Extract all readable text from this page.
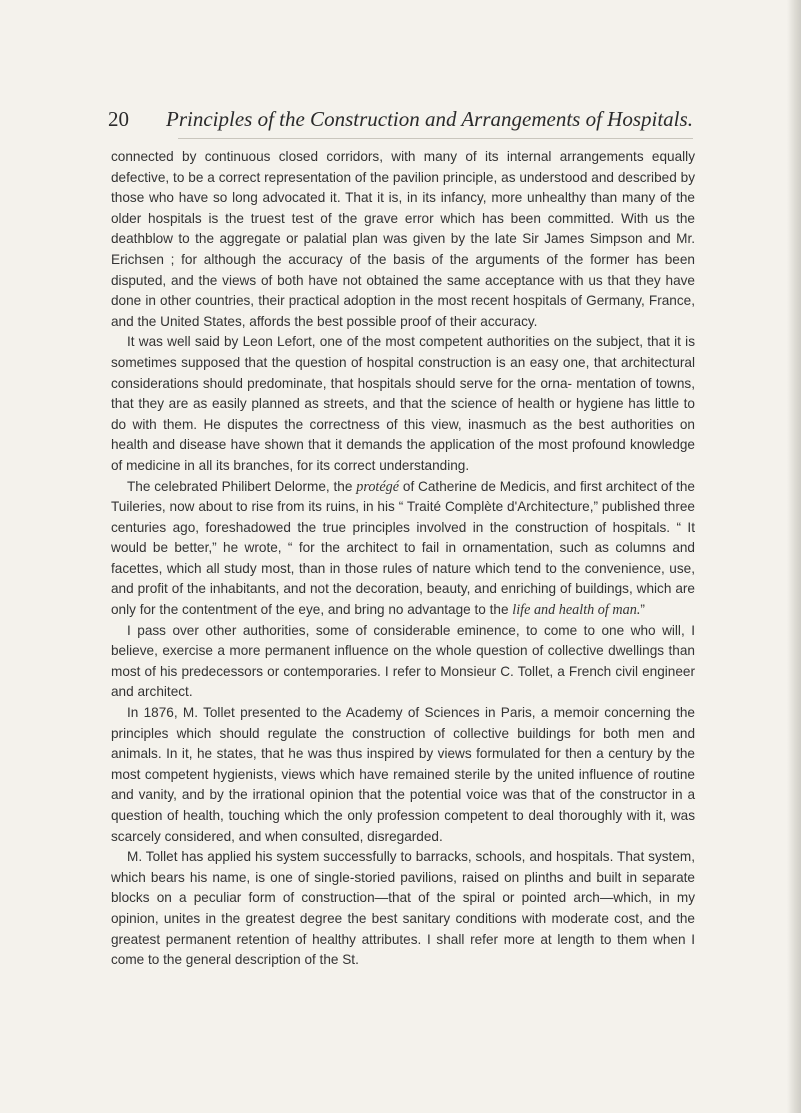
20 Principles of the Construction and Arrangements of Hospitals.

connected by continuous closed corridors, with many of its internal arrangements equally defective, to be a correct representation of the pavilion principle, as understood and described by those who have so long advocated it. That it is, in its infancy, more unhealthy than many of the older hospitals is the truest test of the grave error which has been committed. With us the deathblow to the aggregate or palatial plan was given by the late Sir James Simpson and Mr. Erichsen ; for although the accuracy of the basis of the arguments of the former has been disputed, and the views of both have not obtained the same acceptance with us that they have done in other countries, their practical adoption in the most recent hospitals of Germany, France, and the United States, affords the best possible proof of their accuracy.

It was well said by Leon Lefort, one of the most competent authorities on the subject, that it is sometimes supposed that the question of hospital construction is an easy one, that architectural considerations should predominate, that hospitals should serve for the orna- mentation of towns, that they are as easily planned as streets, and that the science of health or hygiene has little to do with them. He disputes the correctness of this view, inasmuch as the best authorities on health and disease have shown that it demands the application of the most profound knowledge of medicine in all its branches, for its correct understanding.

The celebrated Philibert Delorme, the protégé of Catherine de Medicis, and first architect of the Tuileries, now about to rise from its ruins, in his “ Traité Complète d'Architecture,” published three centuries ago, foreshadowed the true principles involved in the construction of hospitals. “ It would be better,” he wrote, “ for the architect to fail in ornamentation, such as columns and facettes, which all study most, than in those rules of nature which tend to the convenience, use, and profit of the inhabitants, and not the decoration, beauty, and enriching of buildings, which are only for the contentment of the eye, and bring no advantage to the life and health of man.”

I pass over other authorities, some of considerable eminence, to come to one who will, I believe, exercise a more permanent influence on the whole question of collective dwellings than most of his predecessors or contemporaries. I refer to Monsieur C. Tollet, a French civil engineer and architect.

In 1876, M. Tollet presented to the Academy of Sciences in Paris, a memoir concerning the principles which should regulate the construction of collective buildings for both men and animals. In it, he states, that he was thus inspired by views formulated for then a century by the most competent hygienists, views which have remained sterile by the united influence of routine and vanity, and by the irrational opinion that the potential voice was that of the constructor in a question of health, touching which the only profession competent to deal thoroughly with it, was scarcely considered, and when consulted, disregarded.

M. Tollet has applied his system successfully to barracks, schools, and hospitals. That system, which bears his name, is one of single-storied pavilions, raised on plinths and built in separate blocks on a peculiar form of construction—that of the spiral or pointed arch—which, in my opinion, unites in the greatest degree the best sanitary conditions with moderate cost, and the greatest permanent retention of healthy attributes. I shall refer more at length to them when I come to the general description of the St.
